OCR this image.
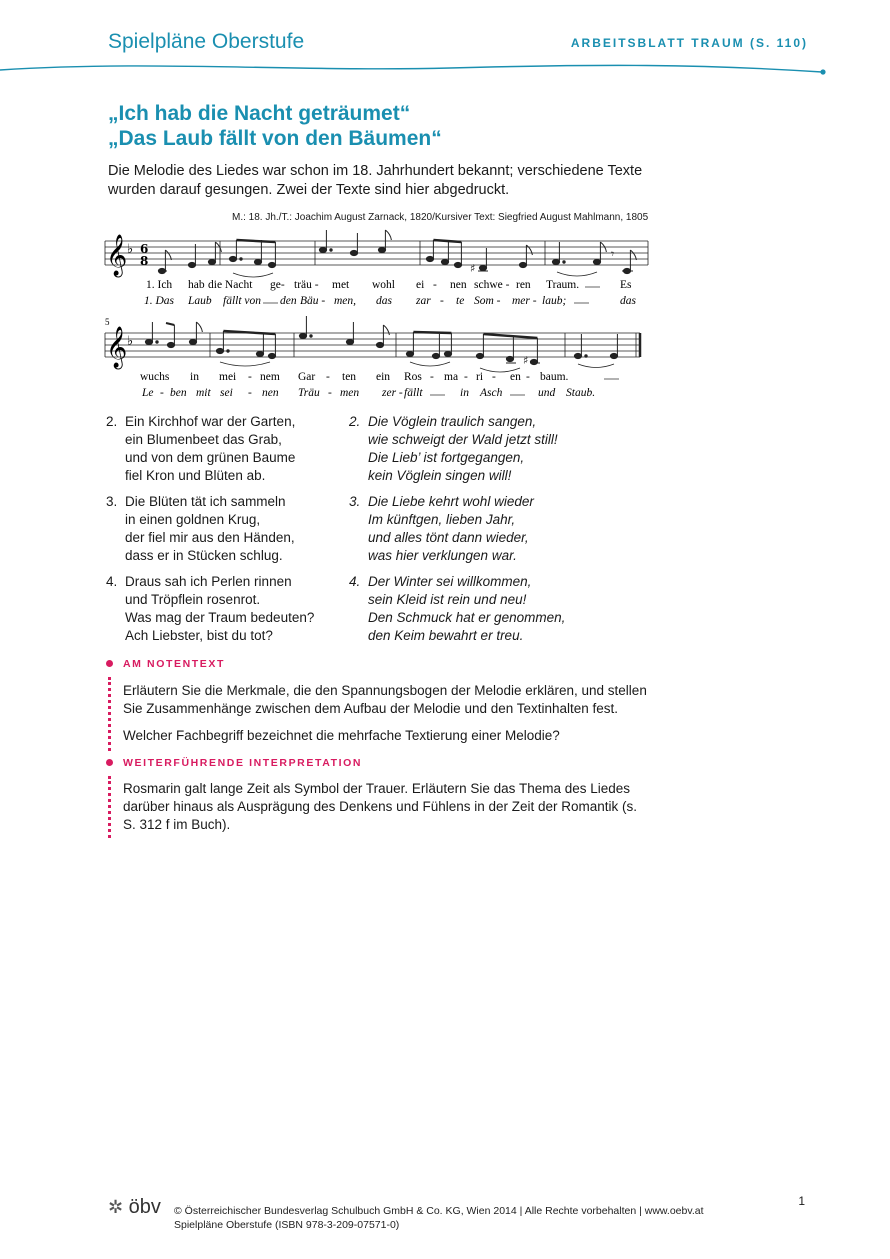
Spielpläne Oberstufe	ARBEITSBLATT TRAUM (S. 110)
„Ich hab die Nacht geträumet“
„Das Laub fällt von den Bäumen“
Die Melodie des Liedes war schon im 18. Jahrhundert bekannt; verschiedene Texte wurden darauf gesungen. Zwei der Texte sind hier abgedruckt.
M.: 18. Jh./T.: Joachim August Zarnack, 1820/Kursiver Text: Siegfried August Mahlmann, 1805
𝄞 ♭ 6
8
♯
𝄾
1. Ich hab die Nacht ge- träu - met wohl ei - nen schwe - ren Traum.	Es
1. Das Laub fällt von den Bäu - men, das zar - te Som - mer - laub;	das
5
𝄞 ♭
♯
wuchs in mei - nem Gar - ten ein Ros - ma - ri - en - baum.
Le - ben mit sei - nen Träu - men zer - fällt	in Asch	und Staub.
2. Ein Kirchhof war der Garten,
ein Blumenbeet das Grab,
und von dem grünen Baume
fiel Kron und Blüten ab.
3. Die Blüten tät ich sammeln
in einen goldnen Krug,
der fiel mir aus den Händen,
dass er in Stücken schlug.
4. Draus sah ich Perlen rinnen
und Tröpflein rosenrot.
Was mag der Traum bedeuten?
Ach Liebster, bist du tot?
2. Die Vöglein traulich sangen,
wie schweigt der Wald jetzt still!
Die Lieb’ ist fortgegangen,
kein Vöglein singen will!
3. Die Liebe kehrt wohl wieder
Im künftgen, lieben Jahr,
und alles tönt dann wieder,
was hier verklungen war.
4. Der Winter sei willkommen,
sein Kleid ist rein und neu!
Den Schmuck hat er genommen,
den Keim bewahrt er treu.
AM NOTENTEXT
Erläutern Sie die Merkmale, die den Spannungsbogen der Melodie erklären, und stellen Sie Zusammenhänge zwischen dem Aufbau der Melodie und den Textinhalten fest.
Welcher Fachbegriff bezeichnet die mehrfache Textierung einer Melodie?
WEITERFÜHRENDE INTERPRETATION
Rosmarin galt lange Zeit als Symbol der Trauer. Erläutern Sie das Thema des Liedes darüber hinaus als Ausprägung des Denkens und Fühlens in der Zeit der Romantik (s. S. 312 f im Buch).
✲ öbv © Österreichischer Bundesverlag Schulbuch GmbH & Co. KG, Wien 2014 | Alle Rechte vorbehalten | www.oebv.at
Spielpläne Oberstufe (ISBN 978-3-209-07571-0)
1
